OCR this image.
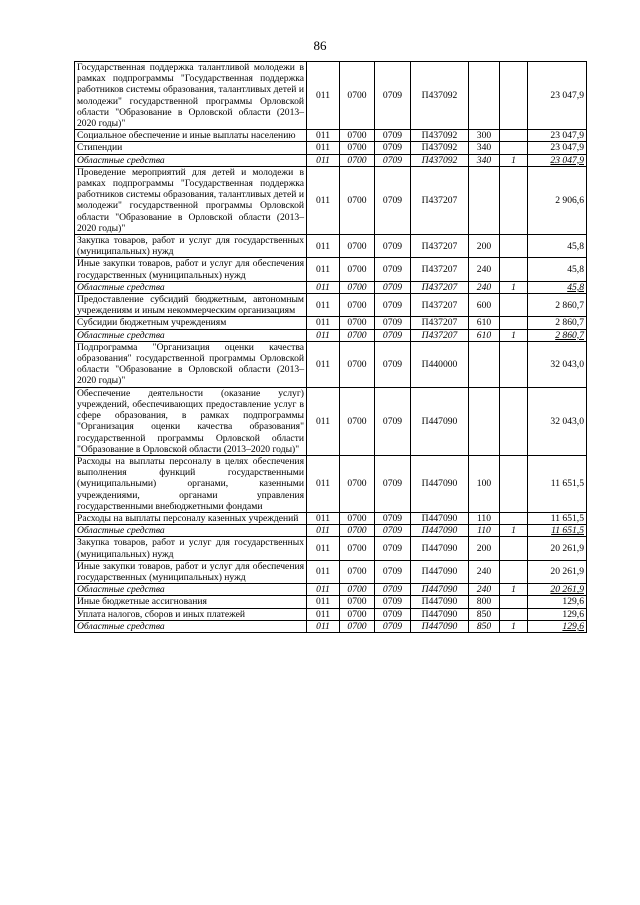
86
Государственная поддержка талантливой молодежи в рамках подпрограммы "Государственная поддержка работников системы образования, талантливых детей и молодежи" государственной программы Орловской области "Образование в Орловской области (2013–2020 годы)"	011	0700	0709	П437092			23 047,9
Социальное обеспечение и иные выплаты населению	011	0700	0709	П437092	300		23 047,9
Стипендии	011	0700	0709	П437092	340		23 047,9
Областные средства	011	0700	0709	П437092	340	1	23 047,9
Проведение мероприятий для детей и молодежи в рамках подпрограммы "Государственная поддержка работников системы образования, талантливых детей и молодежи" государственной программы Орловской области "Образование в Орловской области (2013–2020 годы)"	011	0700	0709	П437207			2 906,6
Закупка товаров, работ и услуг для государственных (муниципальных) нужд	011	0700	0709	П437207	200		45,8
Иные закупки товаров, работ и услуг для обеспечения государственных (муниципальных) нужд	011	0700	0709	П437207	240		45,8
Областные средства	011	0700	0709	П437207	240	1	45,8
Предоставление субсидий бюджетным, автономным учреждениям и иным некоммерческим организациям	011	0700	0709	П437207	600		2 860,7
Субсидии бюджетным учреждениям	011	0700	0709	П437207	610		2 860,7
Областные средства	011	0700	0709	П437207	610	1	2 860,7
Подпрограмма "Организация оценки качества образования" государственной программы Орловской области "Образование в Орловской области (2013–2020 годы)"	011	0700	0709	П440000			32 043,0
Обеспечение деятельности (оказание услуг) учреждений, обеспечивающих предоставление услуг в сфере образования, в рамках подпрограммы "Организация оценки качества образования" государственной программы Орловской области "Образование в Орловской области (2013–2020 годы)"	011	0700	0709	П447090			32 043,0
Расходы на выплаты персоналу в целях обеспечения выполнения функций государственными (муниципальными) органами, казенными учреждениями, органами управления государственными внебюджетными фондами	011	0700	0709	П447090	100		11 651,5
Расходы на выплаты персоналу казенных учреждений	011	0700	0709	П447090	110		11 651,5
Областные средства	011	0700	0709	П447090	110	1	11 651,5
Закупка товаров, работ и услуг для государственных (муниципальных) нужд	011	0700	0709	П447090	200		20 261,9
Иные закупки товаров, работ и услуг для обеспечения государственных (муниципальных) нужд	011	0700	0709	П447090	240		20 261,9
Областные средства	011	0700	0709	П447090	240	1	20 261,9
Иные бюджетные ассигнования	011	0700	0709	П447090	800		129,6
Уплата налогов, сборов и иных платежей	011	0700	0709	П447090	850		129,6
Областные средства	011	0700	0709	П447090	850	1	129,6
